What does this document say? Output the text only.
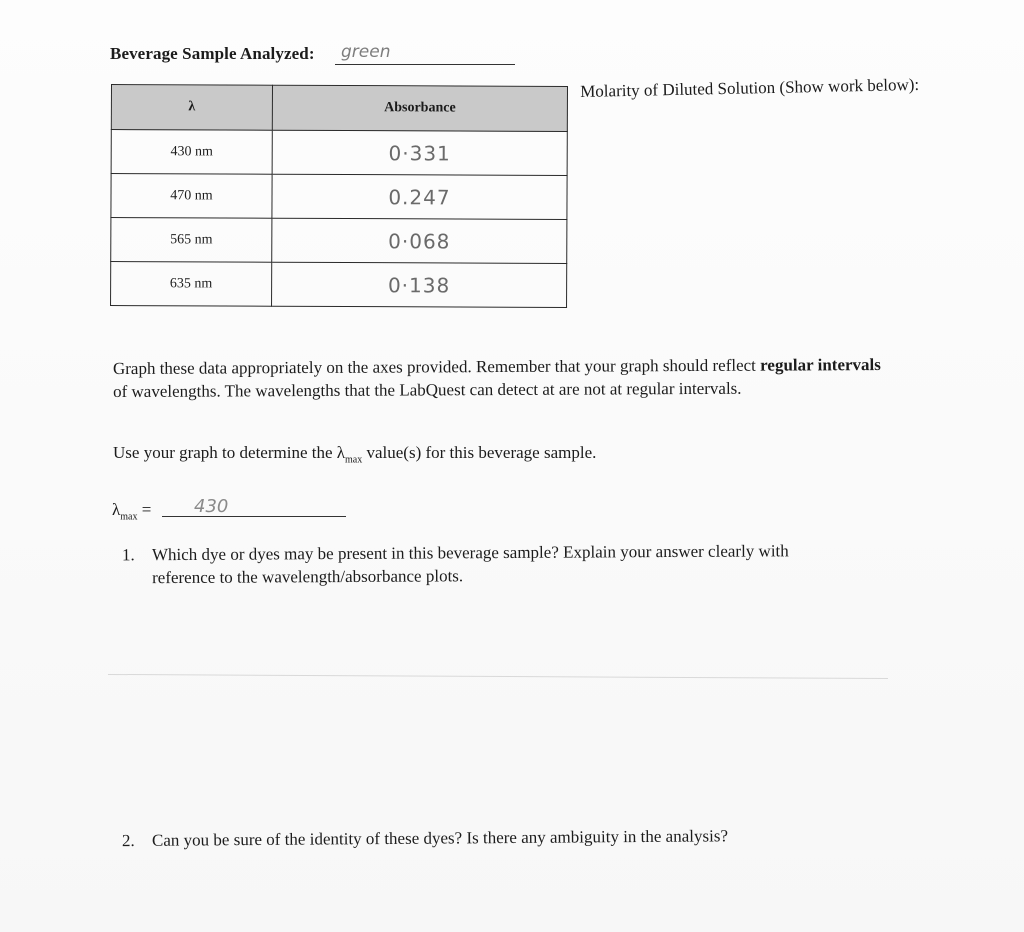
Beverage Sample Analyzed: green
λ	Absorbance
430 nm	0·331
470 nm	0.247
565 nm	0·068
635 nm	0·138
Molarity of Diluted Solution (Show work below):
Graph these data appropriately on the axes provided. Remember that your graph should reflect regular intervals of wavelengths. The wavelengths that the LabQuest can detect at are not at regular intervals.
Use your graph to determine the $\lambda_{max}$ value(s) for this beverage sample.
$\lambda_{max} = 430$
1. Which dye or dyes may be present in this beverage sample? Explain your answer clearly with
reference to the wavelength/absorbance plots.
2. Can you be sure of the identity of these dyes? Is there any ambiguity in the analysis?
